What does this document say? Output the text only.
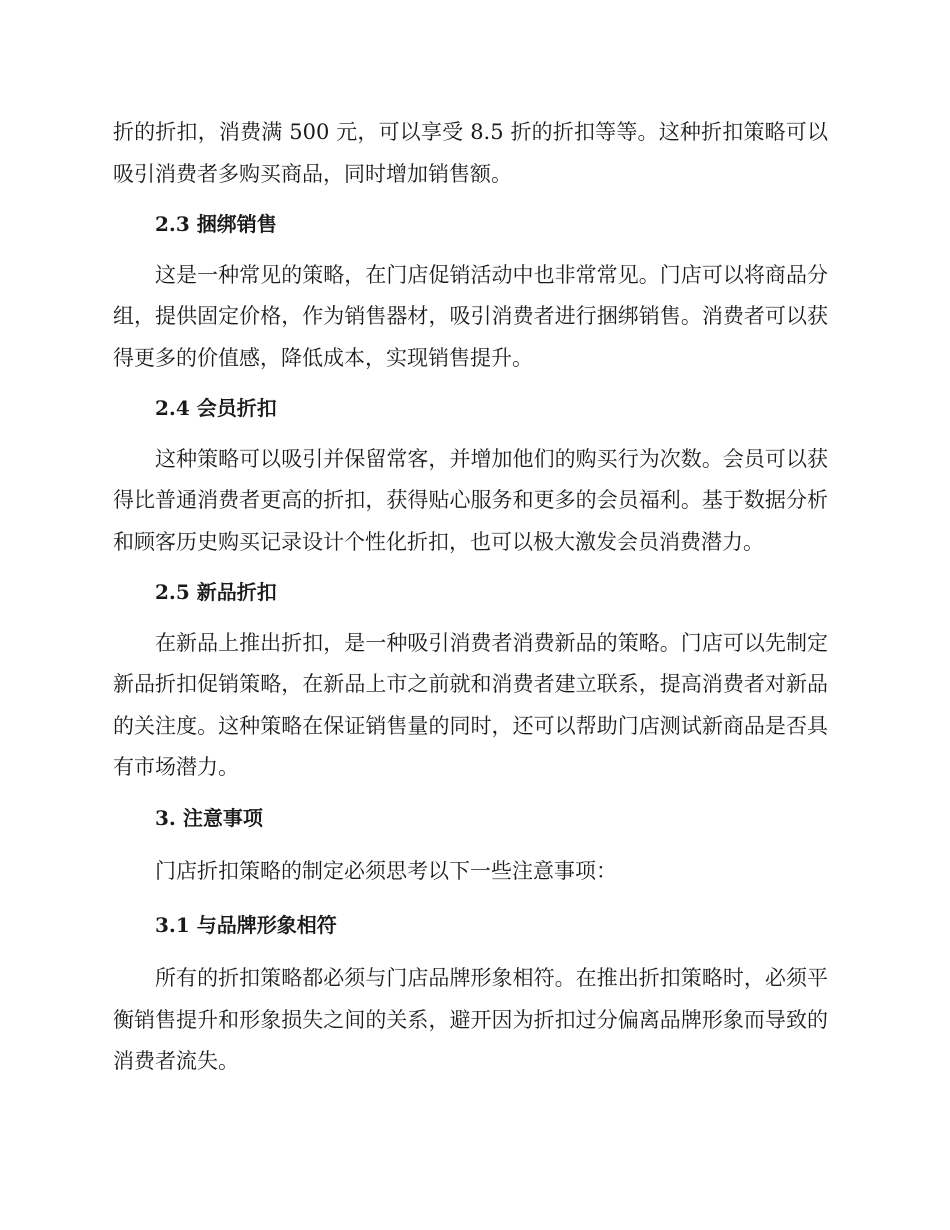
折的折扣，消费满 500 元，可以享受 8.5 折的折扣等等。这种折扣策略可以吸引消费者多购买商品，同时增加销售额。

2.3 捆绑销售

这是一种常见的策略，在门店促销活动中也非常常见。门店可以将商品分组，提供固定价格，作为销售器材，吸引消费者进行捆绑销售。消费者可以获得更多的价值感，降低成本，实现销售提升。

2.4 会员折扣

这种策略可以吸引并保留常客，并增加他们的购买行为次数。会员可以获得比普通消费者更高的折扣，获得贴心服务和更多的会员福利。基于数据分析和顾客历史购买记录设计个性化折扣，也可以极大激发会员消费潜力。

2.5 新品折扣

在新品上推出折扣，是一种吸引消费者消费新品的策略。门店可以先制定新品折扣促销策略，在新品上市之前就和消费者建立联系，提高消费者对新品的关注度。这种策略在保证销售量的同时，还可以帮助门店测试新商品是否具有市场潜力。

3. 注意事项

门店折扣策略的制定必须思考以下一些注意事项：

3.1 与品牌形象相符

所有的折扣策略都必须与门店品牌形象相符。在推出折扣策略时，必须平衡销售提升和形象损失之间的关系，避开因为折扣过分偏离品牌形象而导致的消费者流失。
